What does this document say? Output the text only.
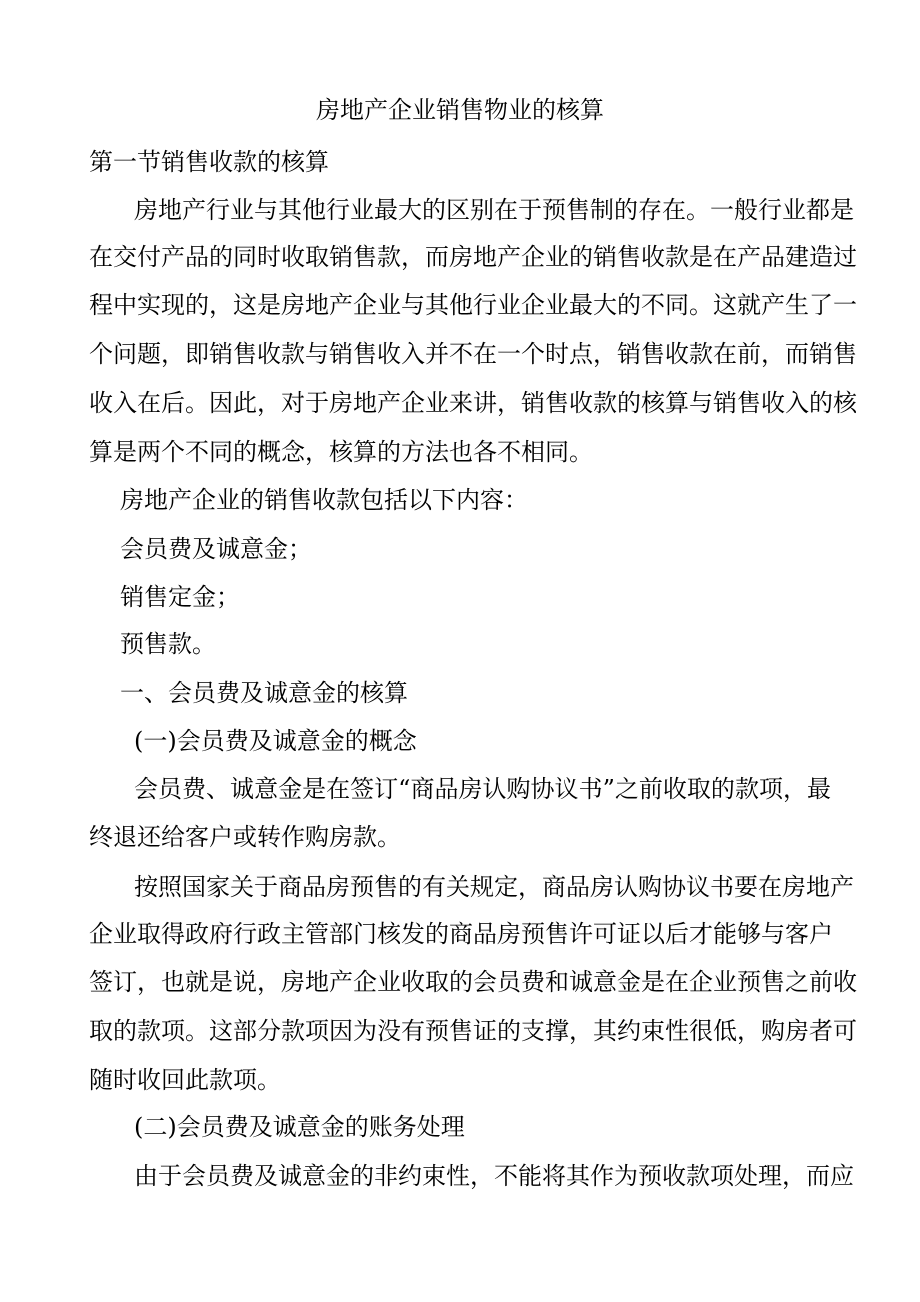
房地产企业销售物业的核算
第一节销售收款的核算
房地产行业与其他行业最大的区别在于预售制的存在。一般行业都是
在交付产品的同时收取销售款，而房地产企业的销售收款是在产品建造过
程中实现的，这是房地产企业与其他行业企业最大的不同。这就产生了一
个问题，即销售收款与销售收入并不在一个时点，销售收款在前，而销售
收入在后。因此，对于房地产企业来讲，销售收款的核算与销售收入的核
算是两个不同的概念，核算的方法也各不相同。
房地产企业的销售收款包括以下内容：
会员费及诚意金；
销售定金；
预售款。
一、会员费及诚意金的核算
(一)会员费及诚意金的概念
会员费、诚意金是在签订“商品房认购协议书”之前收取的款项，最
终退还给客户或转作购房款。
按照国家关于商品房预售的有关规定，商品房认购协议书要在房地产
企业取得政府行政主管部门核发的商品房预售许可证以后才能够与客户
签订，也就是说，房地产企业收取的会员费和诚意金是在企业预售之前收
取的款项。这部分款项因为没有预售证的支撑，其约束性很低，购房者可
随时收回此款项。
(二)会员费及诚意金的账务处理
由于会员费及诚意金的非约束性，不能将其作为预收款项处理，而应
